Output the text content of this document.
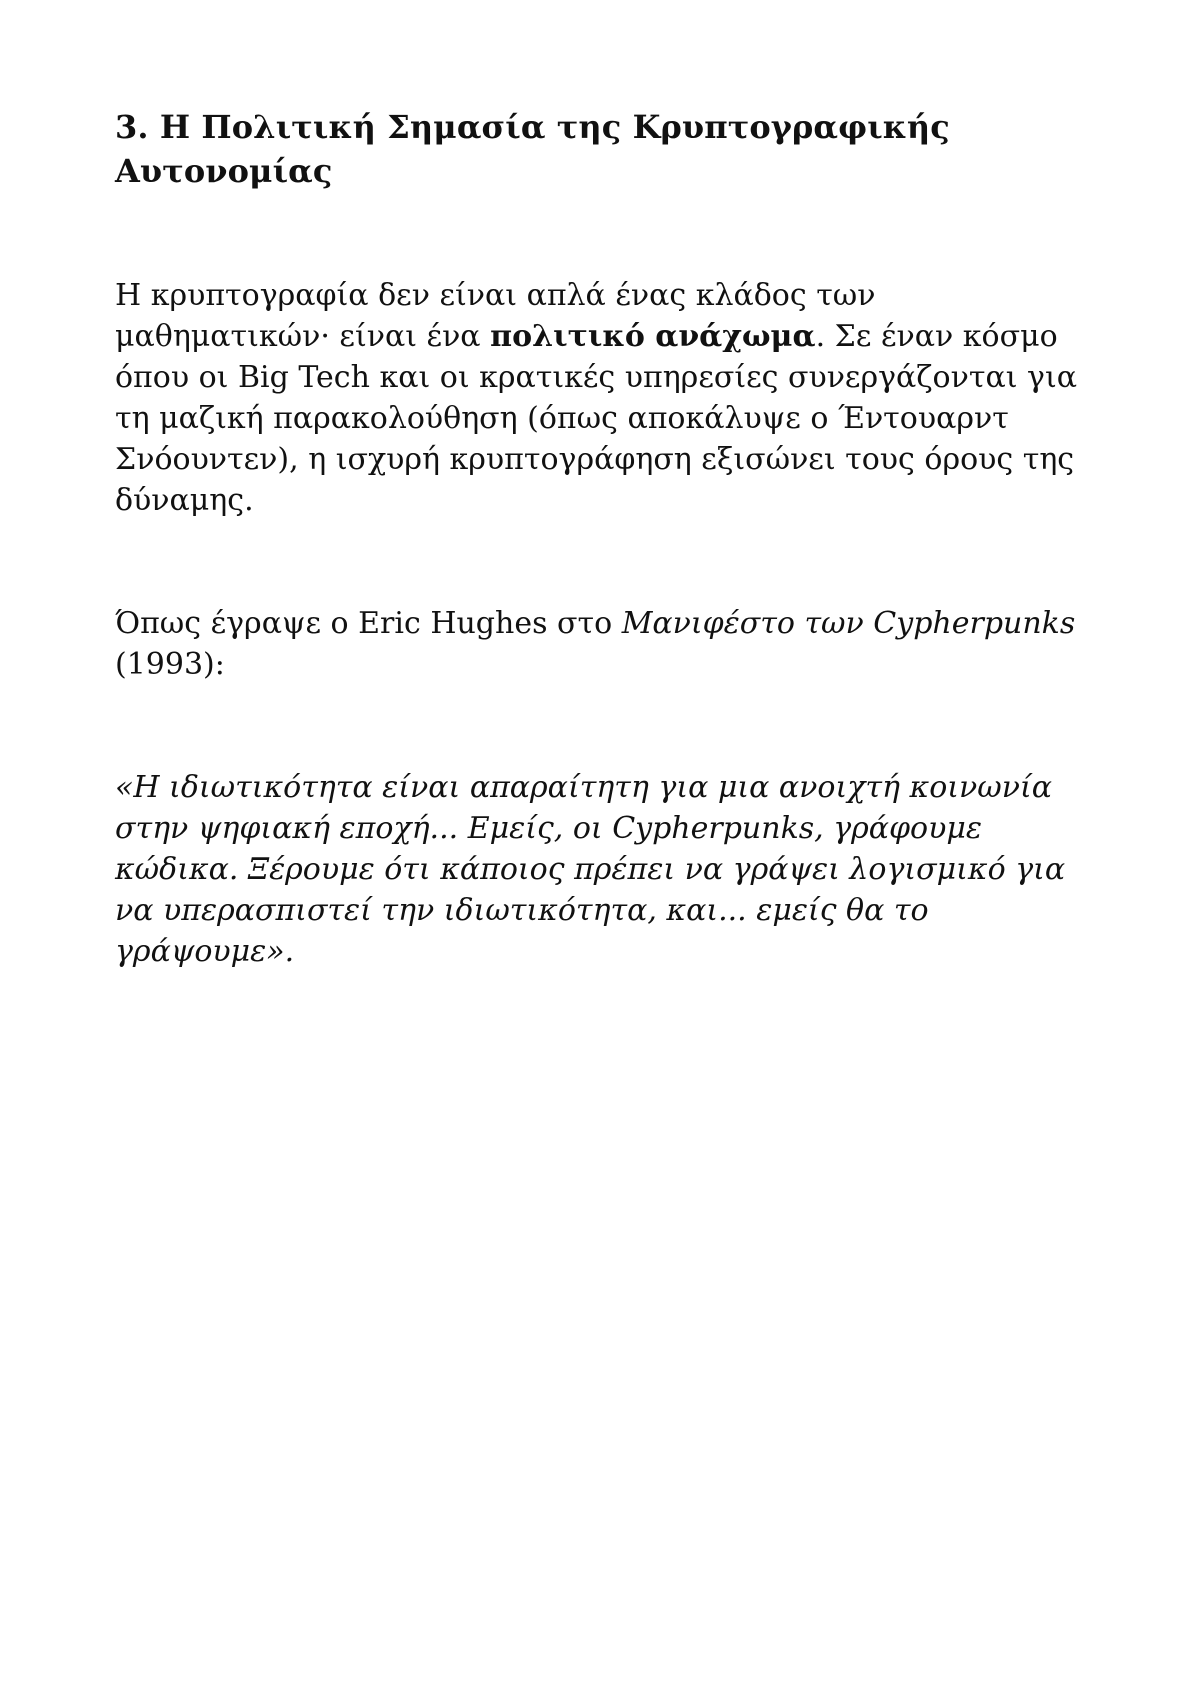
3. Η Πολιτική Σημασία της Κρυπτογραφικής Αυτονομίας

Η κρυπτογραφία δεν είναι απλά ένας κλάδος των μαθηματικών· είναι ένα πολιτικό ανάχωμα. Σε έναν κόσμο όπου οι Big Tech και οι κρατικές υπηρεσίες συνεργάζονται για τη μαζική παρακολούθηση (όπως αποκάλυψε ο Έντουαρντ Σνόουντεν), η ισχυρή κρυπτογράφηση εξισώνει τους όρους της δύναμης.

Όπως έγραψε ο Eric Hughes στο Μανιφέστο των Cypherpunks (1993):

«Η ιδιωτικότητα είναι απαραίτητη για μια ανοιχτή κοινωνία στην ψηφιακή εποχή... Εμείς, οι Cypherpunks, γράφουμε κώδικα. Ξέρουμε ότι κάποιος πρέπει να γράψει λογισμικό για να υπερασπιστεί την ιδιωτικότητα, και... εμείς θα το γράψουμε».
